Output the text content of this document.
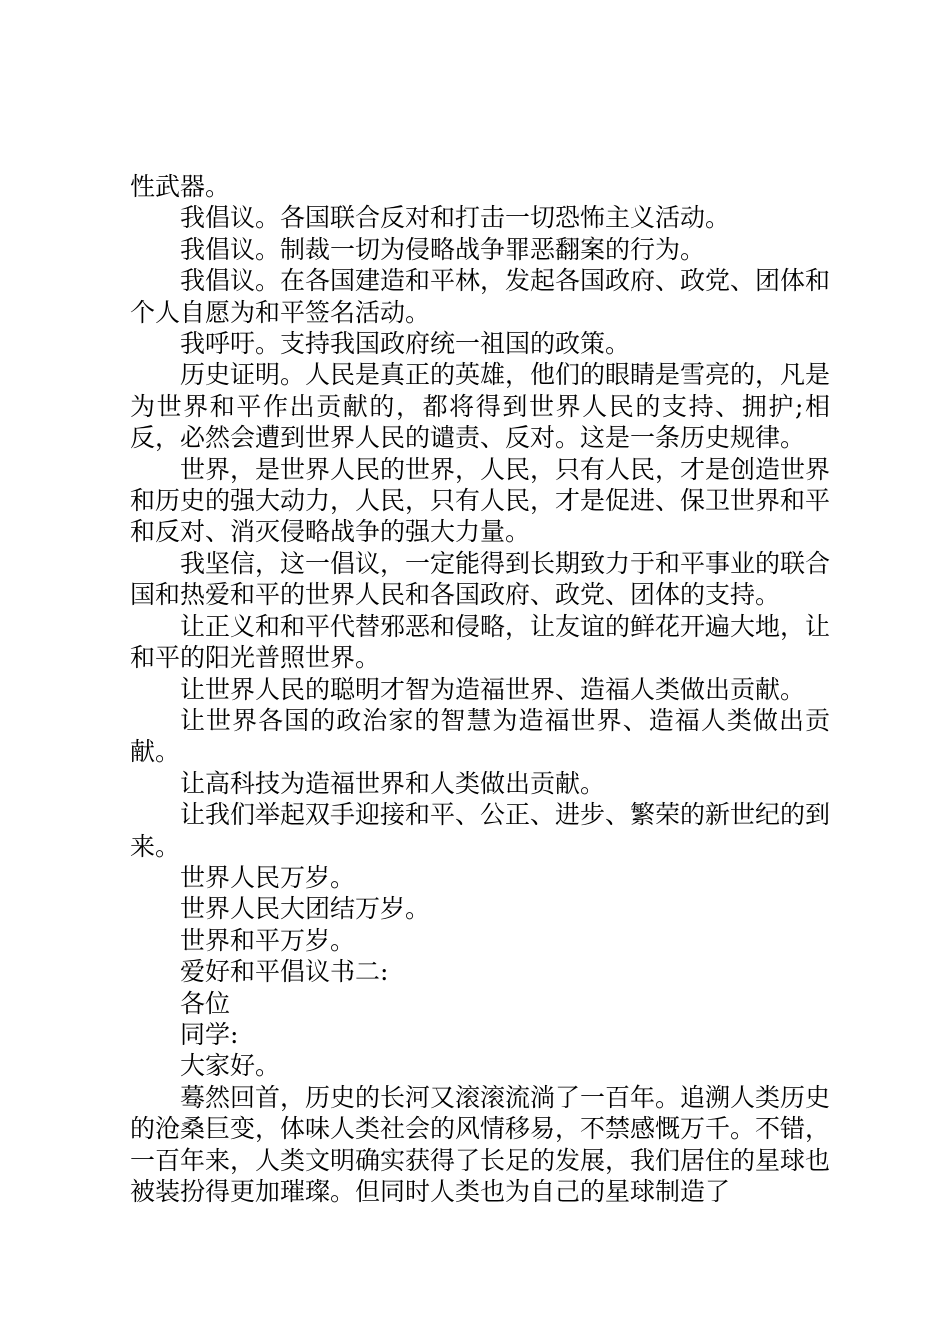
性武器。

我倡议。各国联合反对和打击一切恐怖主义活动。

我倡议。制裁一切为侵略战争罪恶翻案的行为。

我倡议。在各国建造和平林，发起各国政府、政党、团体和个人自愿为和平签名活动。

我呼吁。支持我国政府统一祖国的政策。

历史证明。人民是真正的英雄，他们的眼睛是雪亮的，凡是为世界和平作出贡献的，都将得到世界人民的支持、拥护;相反，必然会遭到世界人民的谴责、反对。这是一条历史规律。

世界，是世界人民的世界，人民，只有人民，才是创造世界和历史的强大动力，人民，只有人民，才是促进、保卫世界和平和反对、消灭侵略战争的强大力量。

我坚信，这一倡议，一定能得到长期致力于和平事业的联合国和热爱和平的世界人民和各国政府、政党、团体的支持。

让正义和和平代替邪恶和侵略，让友谊的鲜花开遍大地，让和平的阳光普照世界。

让世界人民的聪明才智为造福世界、造福人类做出贡献。

让世界各国的政治家的智慧为造福世界、造福人类做出贡献。

让高科技为造福世界和人类做出贡献。

让我们举起双手迎接和平、公正、进步、繁荣的新世纪的到来。

世界人民万岁。

世界人民大团结万岁。

世界和平万岁。

爱好和平倡议书二:

各位

同学:

大家好。

蓦然回首，历史的长河又滚滚流淌了一百年。追溯人类历史的沧桑巨变，体味人类社会的风情移易，不禁感慨万千。不错，一百年来，人类文明确实获得了长足的发展，我们居住的星球也被装扮得更加璀璨。但同时人类也为自己的星球制造了
